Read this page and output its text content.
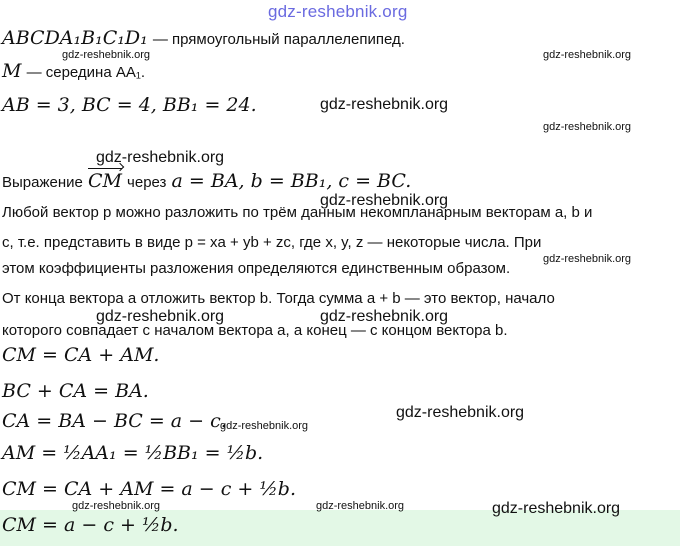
gdz-reshebnik.org
ABCDA₁B₁C₁D₁ — прямоугольный параллелепипед.
M — середина AA₁.
AB = 3, BC = 4, BB₁ = 24.
Выражение CM через a = BA, b = BB₁, c = BC.
Любой вектор p можно разложить по трём данным некомпланарным векторам a, b и
c, т.е. представить в виде p = xa + yb + zc, где x, y, z — некоторые числа. При
этом коэффициенты разложения определяются единственным образом.
От конца вектора a отложить вектор b. Тогда сумма a + b — это вектор, начало
которого совпадает с началом вектора a, а конец — с концом вектора b.
CM = CA + AM.
BC + CA = BA.
CA = BA − BC = a − c.
AM = ½AA₁ = ½BB₁ = ½b.
CM = CA + AM = a − c + ½b.
CM = a − c + ½b.
gdz-reshebnik.org	gdz-reshebnik.org
gdz-reshebnik.org
gdz-reshebnik.org
gdz-reshebnik.org
gdz-reshebnik.org
gdz-reshebnik.org
gdz-reshebnik.org	gdz-reshebnik.org
gdz-reshebnik.org
gdz-reshebnik.org
gdz-reshebnik.org	gdz-reshebnik.org	gdz-reshebnik.org
